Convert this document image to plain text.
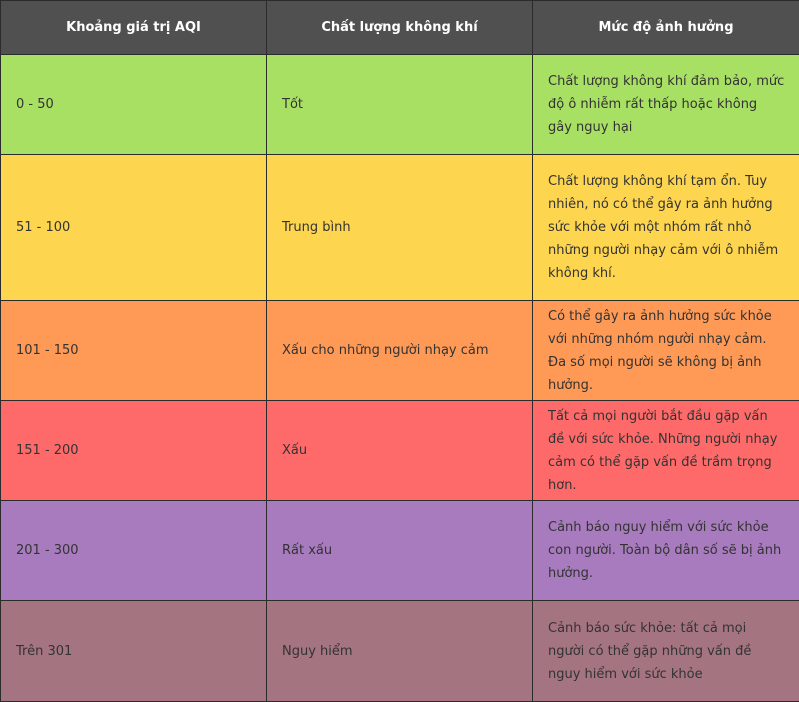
Khoảng giá trị AQI	Chất lượng không khí	Mức độ ảnh hưởng
0 - 50	Tốt	Chất lượng không khí đảm bảo, mức độ ô nhiễm rất thấp hoặc không gây nguy hại
51 - 100	Trung bình	Chất lượng không khí tạm ổn. Tuy nhiên, nó có thể gây ra ảnh hưởng sức khỏe với một nhóm rất nhỏ những người nhạy cảm với ô nhiễm không khí.
101 - 150	Xấu cho những người nhạy cảm	Có thể gây ra ảnh hưởng sức khỏe với những nhóm người nhạy cảm. Đa số mọi người sẽ không bị ảnh hưởng.
151 - 200	Xấu	Tất cả mọi người bắt đầu gặp vấn đề với sức khỏe. Những người nhạy cảm có thể gặp vấn đề trầm trọng hơn.
201 - 300	Rất xấu	Cảnh báo nguy hiểm với sức khỏe con người. Toàn bộ dân số sẽ bị ảnh hưởng.
Trên 301	Nguy hiểm	Cảnh báo sức khỏe: tất cả mọi người có thể gặp những vấn đề nguy hiểm với sức khỏe
